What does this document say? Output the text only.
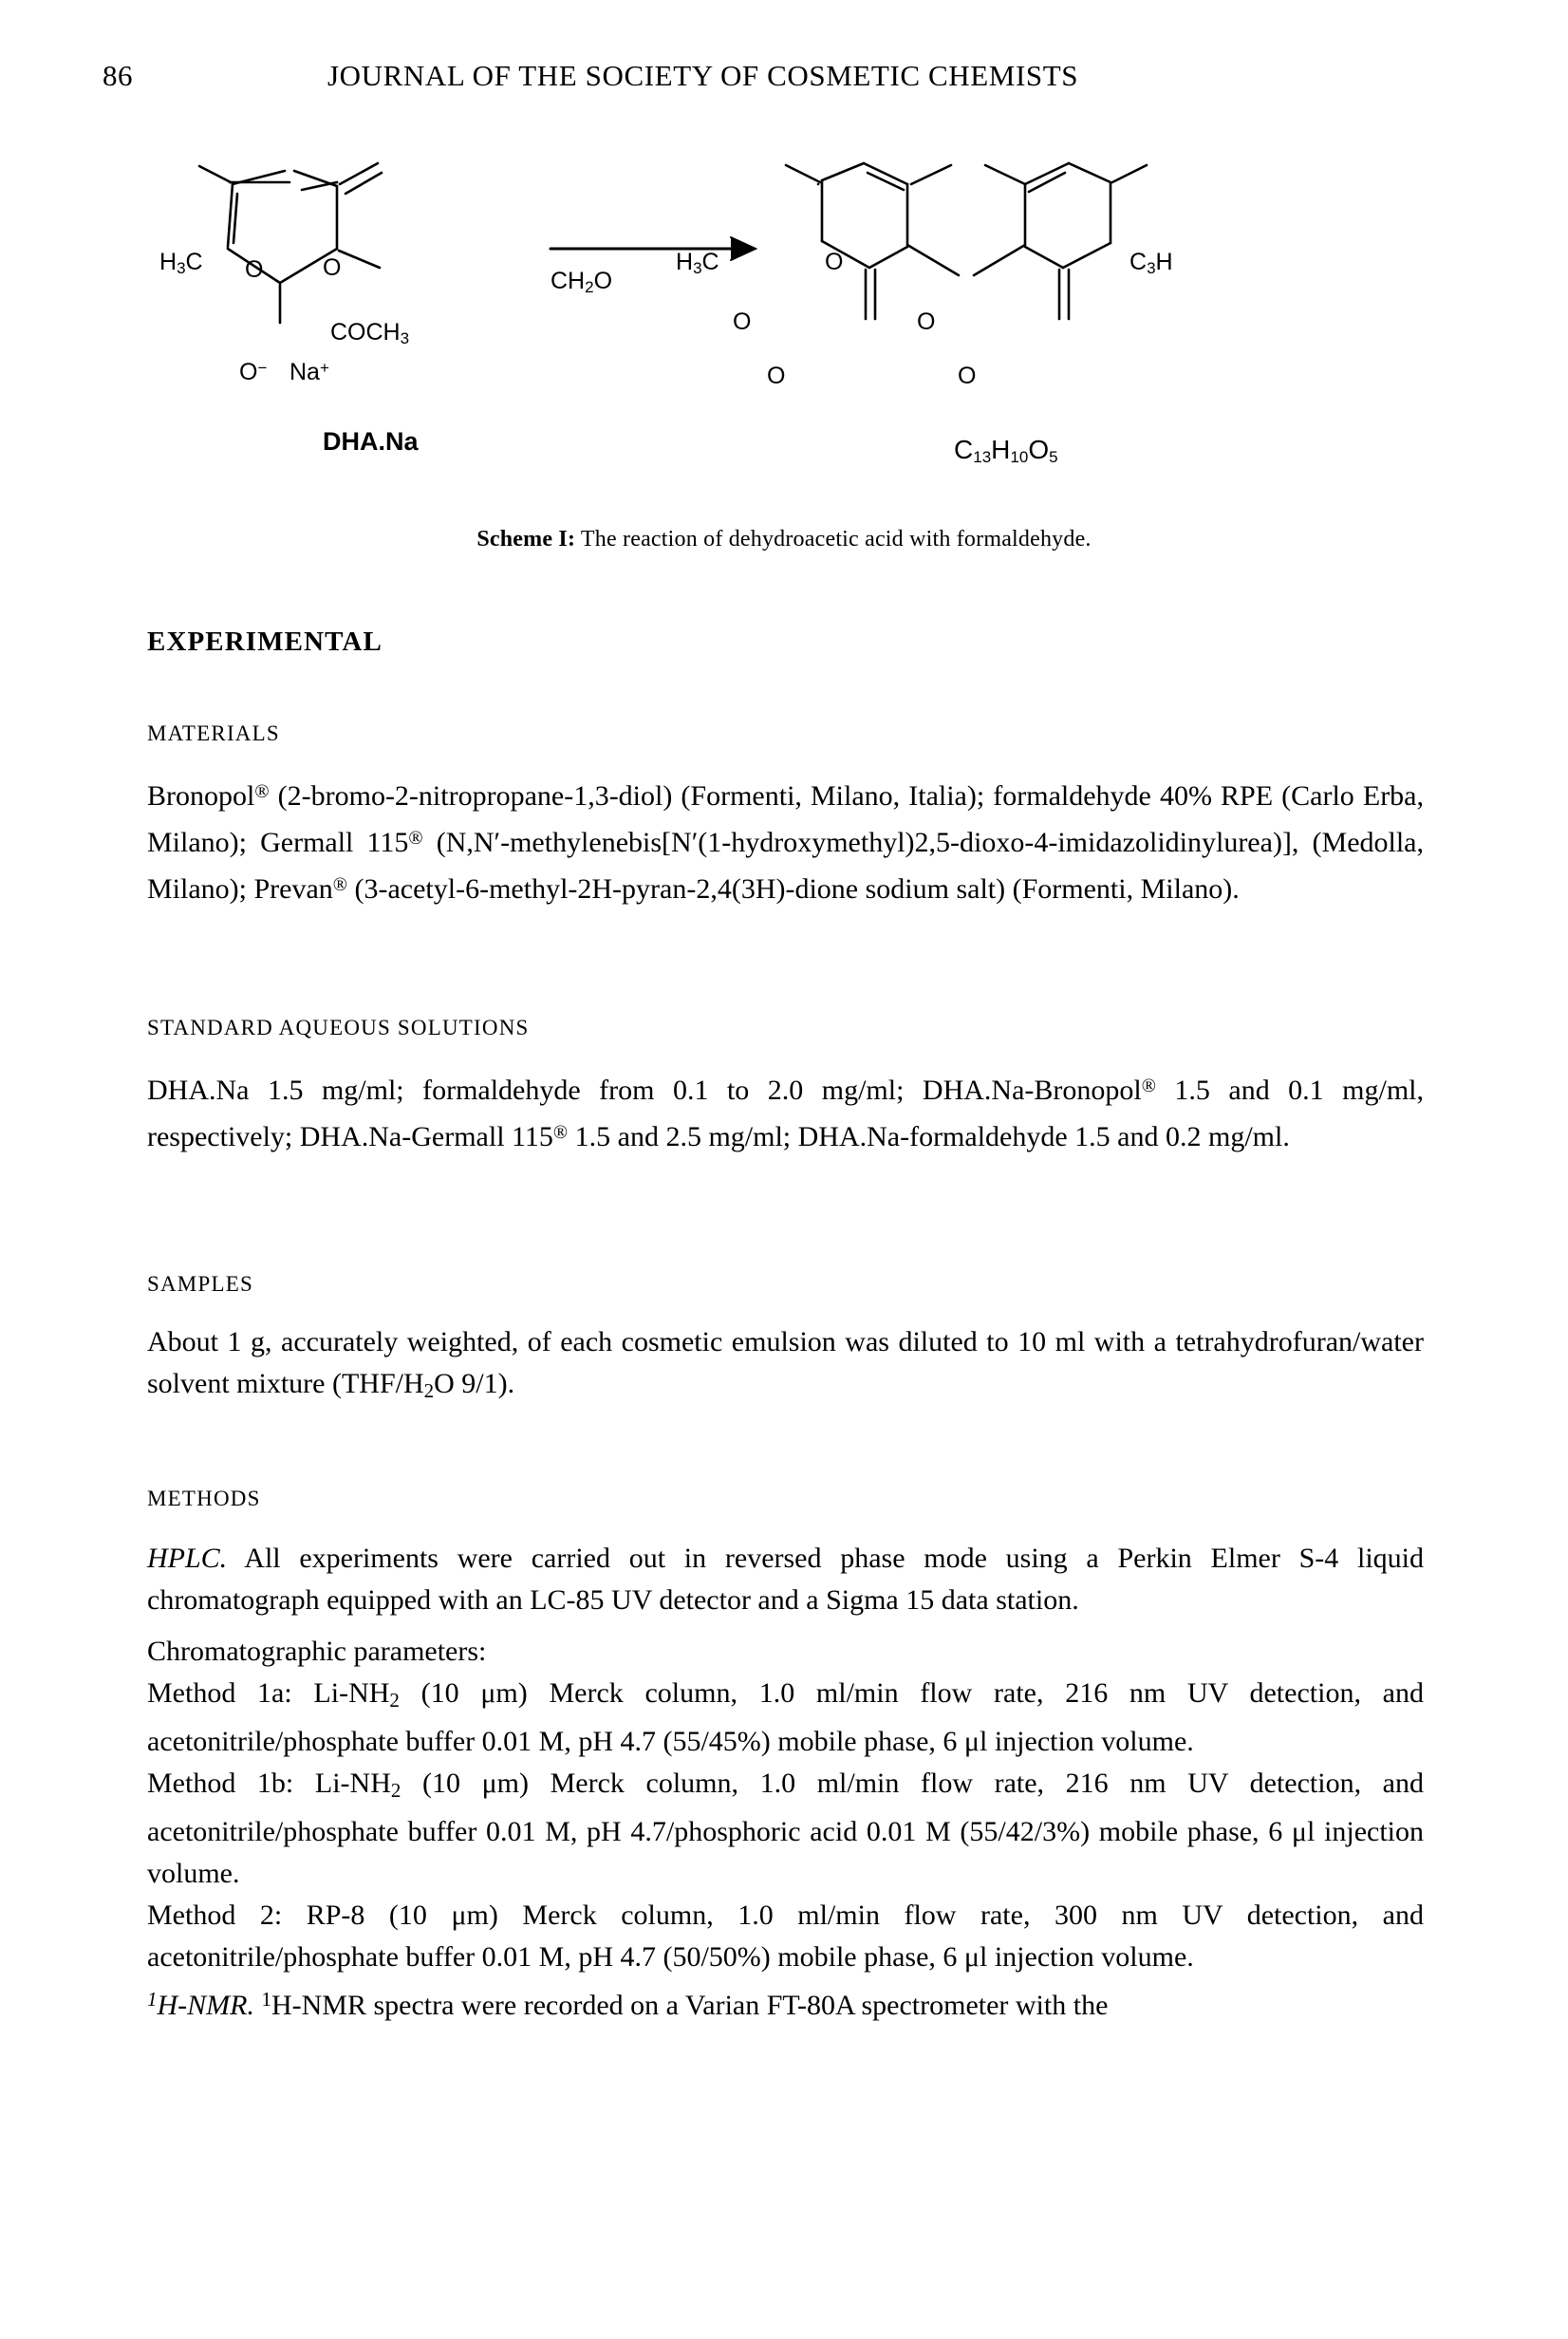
86	JOURNAL OF THE SOCIETY OF COSMETIC CHEMISTS
$H_3C$ O	O
$COCH_3$
O− Na+
$CH_2O$
$H_3C$	O
O	O
O	O
$C_3H$
DHA.Na	$C_{13}H_{10}O_5$
Scheme I: The reaction of dehydroacetic acid with formaldehyde.
EXPERIMENTAL
MATERIALS

Bronopol® (2-bromo-2-nitropropane-1,3-diol) (Formenti, Milano, Italia); formaldehyde 40% RPE (Carlo Erba, Milano); Germall 115® (N,N′-methylenebis[N′(1-hydroxymethyl)2,5-dioxo-4-imidazolidinylurea)], (Medolla, Milano); Prevan® (3-acetyl-6-methyl-2H-pyran-2,4(3H)-dione sodium salt) (Formenti, Milano).

STANDARD AQUEOUS SOLUTIONS

DHA.Na 1.5 mg/ml; formaldehyde from 0.1 to 2.0 mg/ml; DHA.Na-Bronopol® 1.5 and 0.1 mg/ml, respectively; DHA.Na-Germall 115® 1.5 and 2.5 mg/ml; DHA.Na-formaldehyde 1.5 and 0.2 mg/ml.

SAMPLES

About 1 g, accurately weighted, of each cosmetic emulsion was diluted to 10 ml with a tetrahydrofuran/water solvent mixture (THF/H2O 9/1).

METHODS

HPLC. All experiments were carried out in reversed phase mode using a Perkin Elmer S-4 liquid chromatograph equipped with an LC-85 UV detector and a Sigma 15 data station.

Chromatographic parameters:

Method 1a: Li-NH2 (10 μm) Merck column, 1.0 ml/min flow rate, 216 nm UV detection, and acetonitrile/phosphate buffer 0.01 M, pH 4.7 (55/45%) mobile phase, 6 μl injection volume.

Method 1b: Li-NH2 (10 μm) Merck column, 1.0 ml/min flow rate, 216 nm UV detection, and acetonitrile/phosphate buffer 0.01 M, pH 4.7/phosphoric acid 0.01 M (55/42/3%) mobile phase, 6 μl injection volume.

Method 2: RP-8 (10 μm) Merck column, 1.0 ml/min flow rate, 300 nm UV detection, and acetonitrile/phosphate buffer 0.01 M, pH 4.7 (50/50%) mobile phase, 6 μl injection volume.

$^1$H-NMR. $^1$H-NMR spectra were recorded on a Varian FT-80A spectrometer with the
